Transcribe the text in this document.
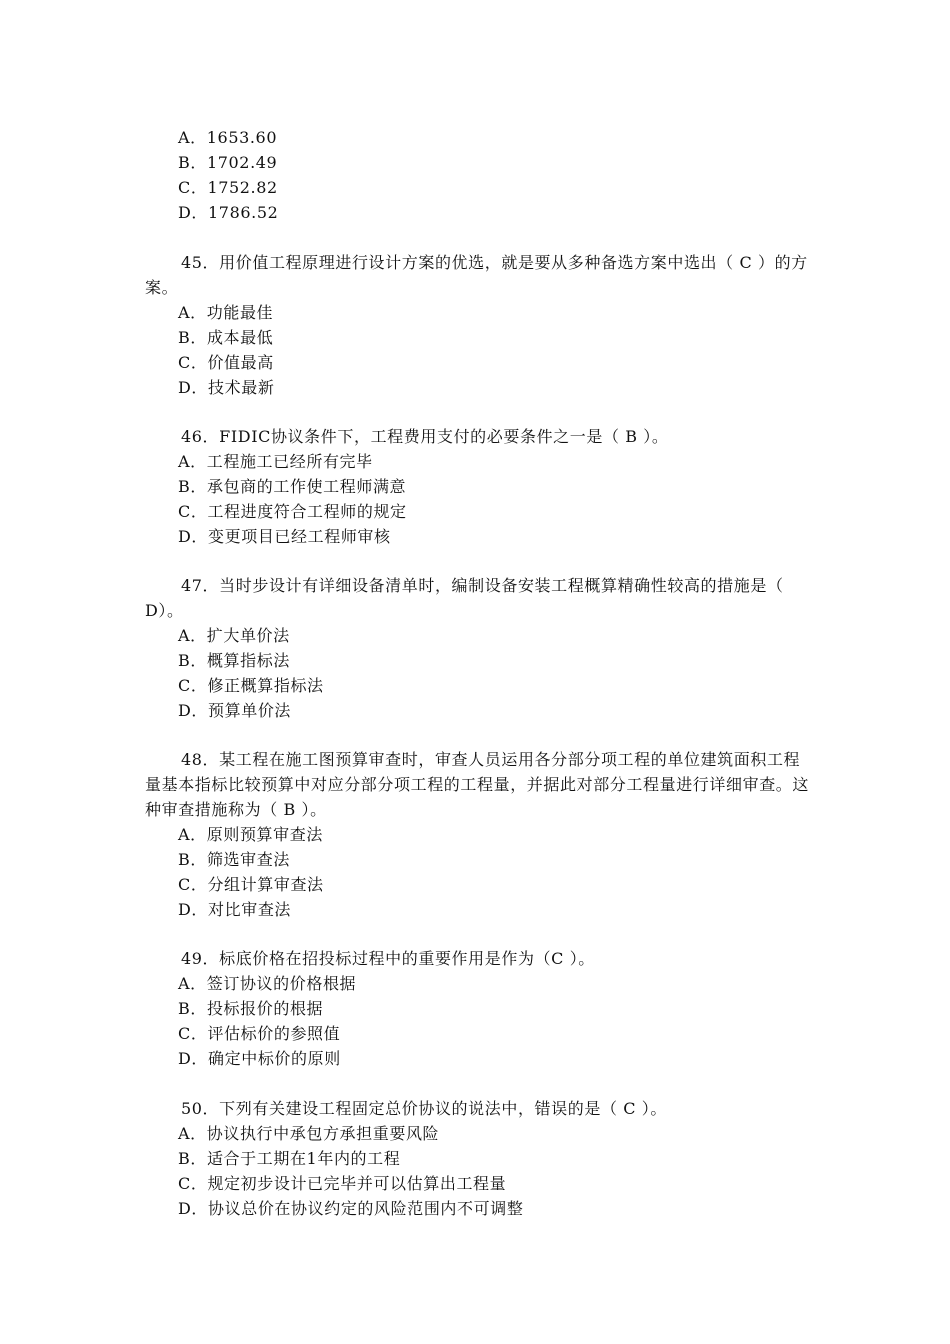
A．1653.60

B．1702.49

C．1752.82

D．1786.52

45．用价值工程原理进行设计方案的优选，就是要从多种备选方案中选出（ C ）的方案。

A．功能最佳

B．成本最低

C．价值最高

D．技术最新

46．FIDIC协议条件下，工程费用支付的必要条件之一是（ B ）。

A．工程施工已经所有完毕

B．承包商的工作使工程师满意

C．工程进度符合工程师的规定

D．变更项目已经工程师审核

47．当时步设计有详细设备清单时，编制设备安装工程概算精确性较高的措施是（ D）。

A．扩大单价法

B．概算指标法

C．修正概算指标法

D．预算单价法

48．某工程在施工图预算审查时，审查人员运用各分部分项工程的单位建筑面积工程量基本指标比较预算中对应分部分项工程的工程量，并据此对部分工程量进行详细审查。这种审查措施称为（ B ）。

A．原则预算审查法

B．筛选审查法

C．分组计算审查法

D．对比审查法

49．标底价格在招投标过程中的重要作用是作为（C ）。

A．签订协议的价格根据

B．投标报价的根据

C．评估标价的参照值

D．确定中标价的原则

50．下列有关建设工程固定总价协议的说法中，错误的是（ C ）。

A．协议执行中承包方承担重要风险

B．适合于工期在1年内的工程

C．规定初步设计已完毕并可以估算出工程量

D．协议总价在协议约定的风险范围内不可调整
